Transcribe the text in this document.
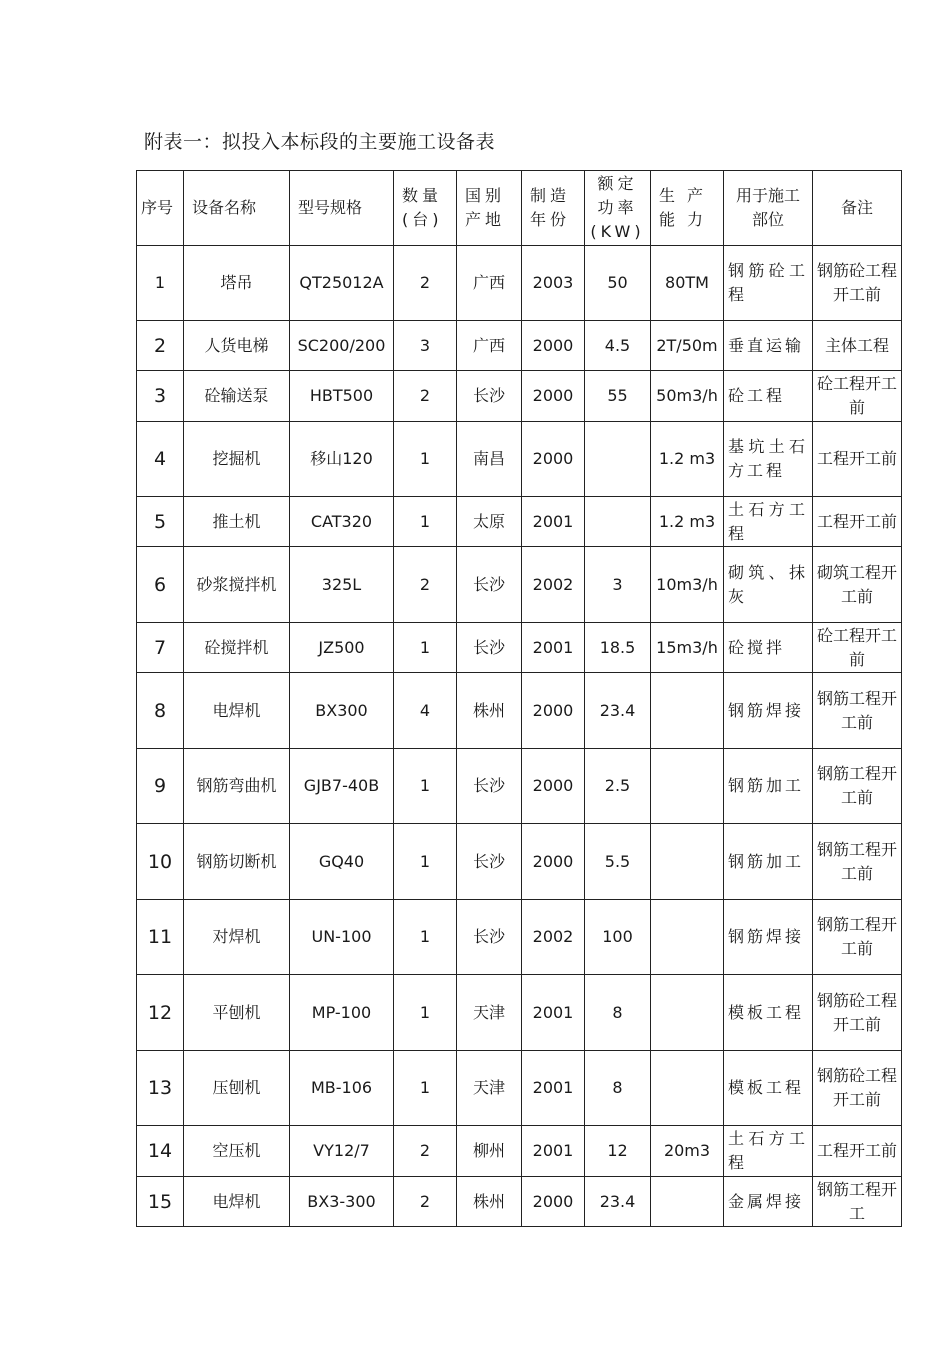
附表一：拟投入本标段的主要施工设备表
序号	设备名称	型号规格	数量(台)	国别产地	制造年份	额定功率(KW)	生产能力	用于施工部位	备注
1	塔吊	QT25012A	2	广西	2003	50	80TM	钢筋砼工程	钢筋砼工程开工前
2	人货电梯	SC200/200	3	广西	2000	4.5	2T/50m	垂直运输	主体工程
3	砼输送泵	HBT500	2	长沙	2000	55	50m3/h	砼工程	砼工程开工前
4	挖掘机	移山120	1	南昌	2000		1.2 m3	基坑土石方工程	工程开工前
5	推土机	CAT320	1	太原	2001		1.2 m3	土石方工程	工程开工前
6	砂浆搅拌机	325L	2	长沙	2002	3	10m3/h	砌筑、抹灰	砌筑工程开工前
7	砼搅拌机	JZ500	1	长沙	2001	18.5	15m3/h	砼搅拌	砼工程开工前
8	电焊机	BX300	4	株州	2000	23.4		钢筋焊接	钢筋工程开工前
9	钢筋弯曲机	GJB7-40B	1	长沙	2000	2.5		钢筋加工	钢筋工程开工前
10	钢筋切断机	GQ40	1	长沙	2000	5.5		钢筋加工	钢筋工程开工前
11	对焊机	UN-100	1	长沙	2002	100		钢筋焊接	钢筋工程开工前
12	平刨机	MP-100	1	天津	2001	8		模板工程	钢筋砼工程开工前
13	压刨机	MB-106	1	天津	2001	8		模板工程	钢筋砼工程开工前
14	空压机	VY12/7	2	柳州	2001	12	20m3	土石方工程	工程开工前
15	电焊机	BX3-300	2	株州	2000	23.4		金属焊接	钢筋工程开工
